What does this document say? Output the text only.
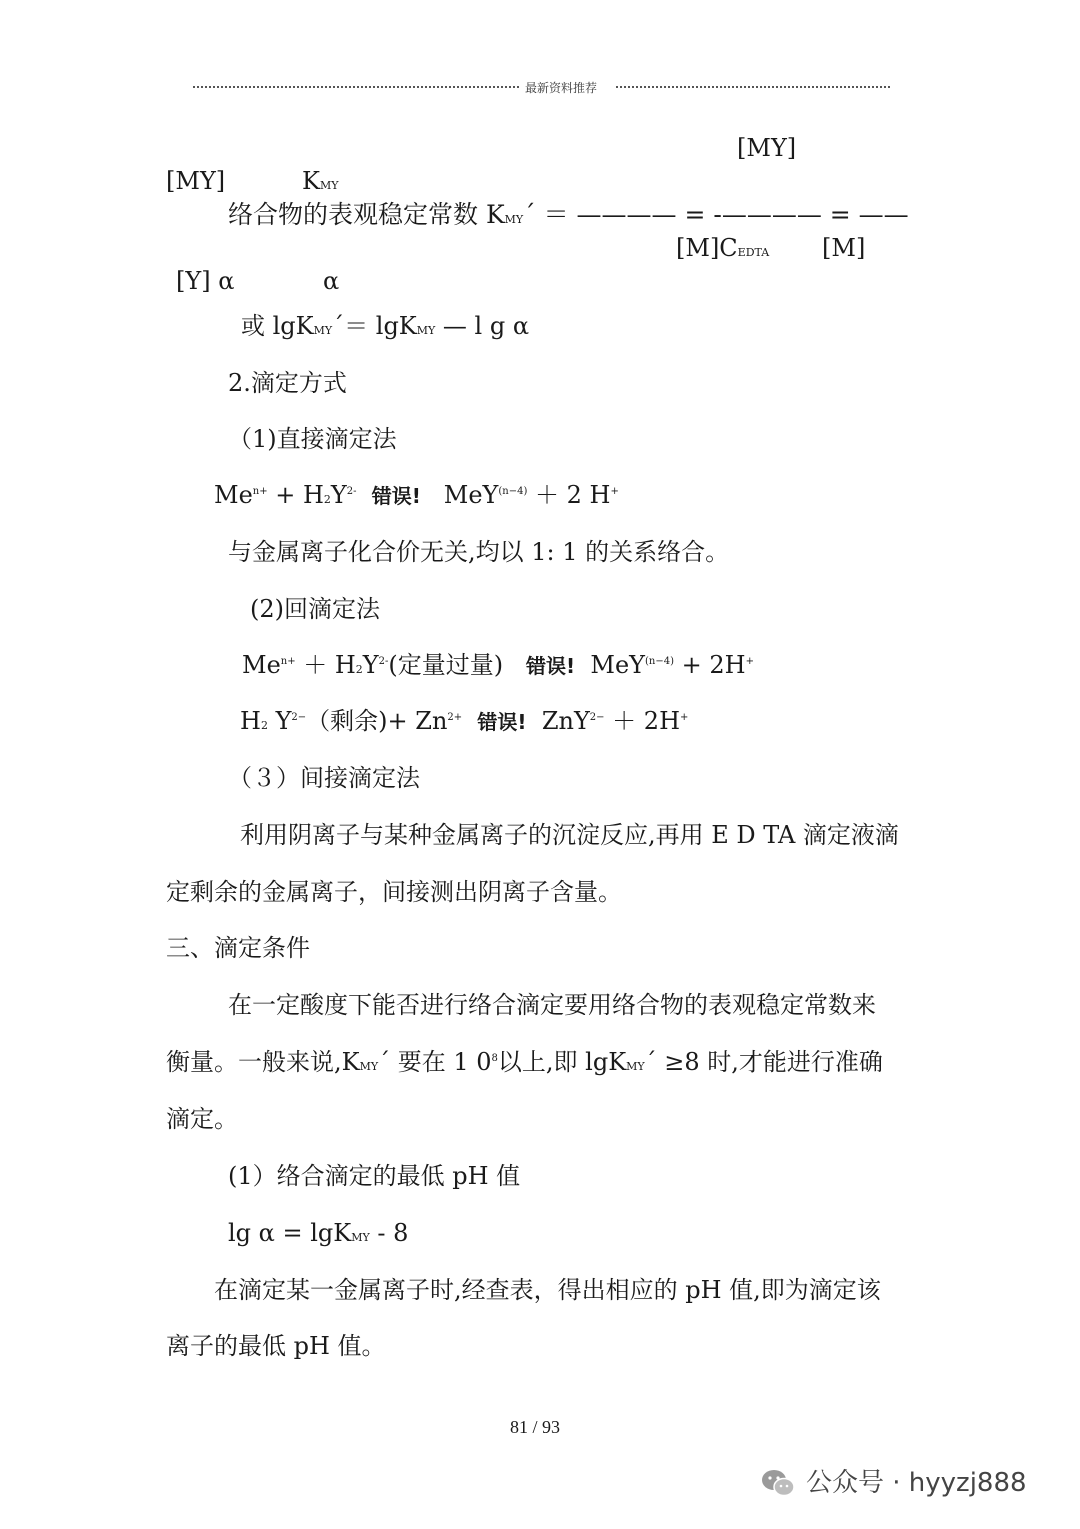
最新资料推荐
[MY]
[MY]	KMY
络合物的表观稳定常数 KMY´ ＝ ———— = -———— = ——
[M]CEDTA [M]
[Y] α	α
或 lgKMY´＝ lgKMY — l g α
2.滴定方式
（1)直接滴定法
$Me^{n+} + H2Y^{2-}$ 错误! MeY$^{(n-4)}$ ＋ 2 H+
与金属离子化合价无关,均以 1: 1 的关系络合。
(2)回滴定法
$Me^{n+} + H2Y^{2-}$(定量过量) 错误! MeY$^{(n-4)}$ + 2H+
H2 $Y^{2-}$（剩余)+ $Zn^{2+}$ 错误! ZnY$^{2-}$ ＋ 2H+
（３）间接滴定法
利用阴离子与某种金属离子的沉淀反应,再用 E D TA 滴定液滴
定剩余的金属离子，间接测出阴离子含量。
三、滴定条件
在一定酸度下能否进行络合滴定要用络合物的表观稳定常数来
衡量。一般来说,KMY´ 要在 1 $0^8$以上,即 lgKMY´ ≥8 时,才能进行准确
滴定。
(1）络合滴定的最低 pH 值
lg α = lgKMY - 8
在滴定某一金属离子时,经查表，得出相应的 pH 值,即为滴定该
离子的最低 pH 值。
81 / 93
公众号 · hyyzj888
